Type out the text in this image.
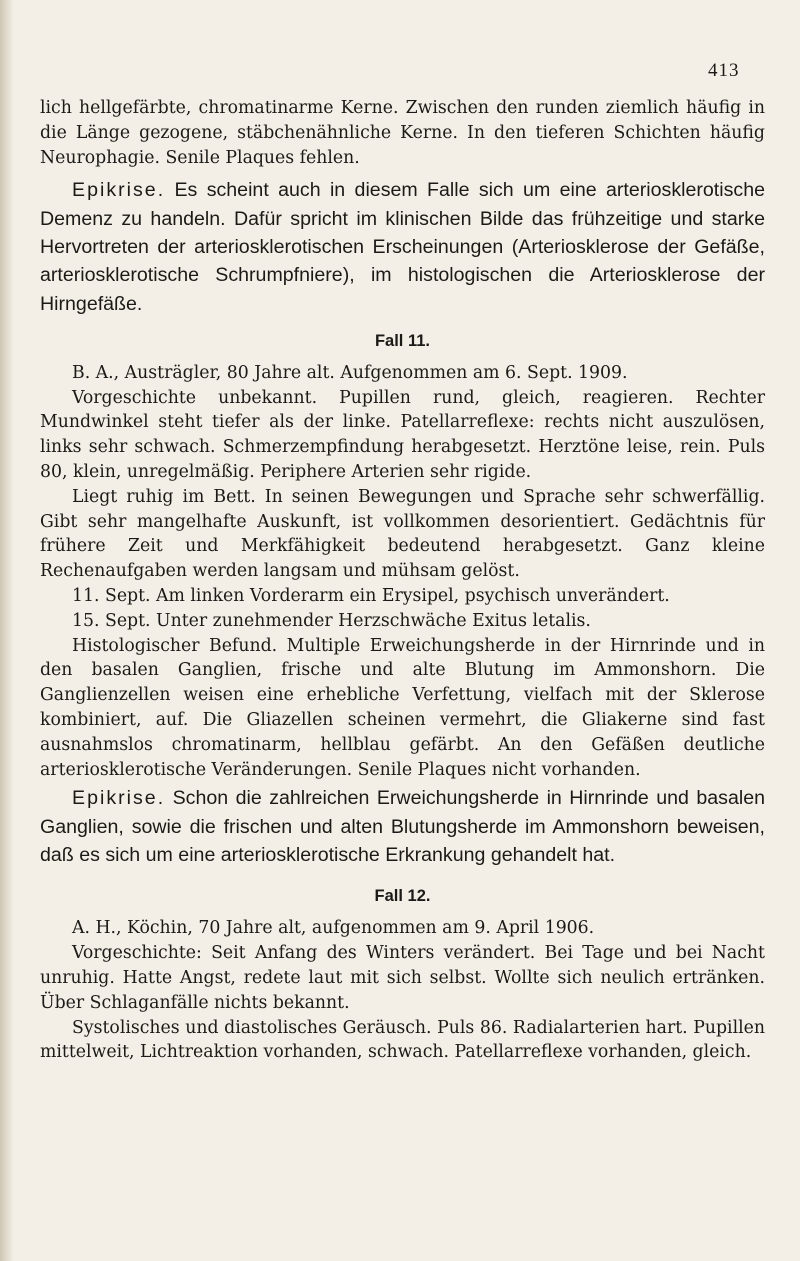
413

lich hellgefärbte, chromatinarme Kerne. Zwischen den runden ziemlich häufig in die Länge gezogene, stäbchenähnliche Kerne. In den tieferen Schichten häufig Neurophagie. Senile Plaques fehlen.

Epikrise. Es scheint auch in diesem Falle sich um eine arteriosklerotische Demenz zu handeln. Dafür spricht im klinischen Bilde das frühzeitige und starke Hervortreten der arteriosklerotischen Erscheinungen (Arteriosklerose der Gefäße, arteriosklerotische Schrumpfniere), im histologischen die Arteriosklerose der Hirngefäße.

Fall 11.

B. A., Austrägler, 80 Jahre alt. Aufgenommen am 6. Sept. 1909.

Vorgeschichte unbekannt. Pupillen rund, gleich, reagieren. Rechter Mundwinkel steht tiefer als der linke. Patellarreflexe: rechts nicht auszulösen, links sehr schwach. Schmerzempfindung herabgesetzt. Herztöne leise, rein. Puls 80, klein, unregelmäßig. Periphere Arterien sehr rigide.

Liegt ruhig im Bett. In seinen Bewegungen und Sprache sehr schwerfällig. Gibt sehr mangelhafte Auskunft, ist vollkommen desorientiert. Gedächtnis für frühere Zeit und Merkfähigkeit bedeutend herabgesetzt. Ganz kleine Rechenaufgaben werden langsam und mühsam gelöst.

11. Sept. Am linken Vorderarm ein Erysipel, psychisch unverändert.

15. Sept. Unter zunehmender Herzschwäche Exitus letalis.

Histologischer Befund. Multiple Erweichungsherde in der Hirnrinde und in den basalen Ganglien, frische und alte Blutung im Ammonshorn. Die Ganglienzellen weisen eine erhebliche Verfettung, vielfach mit der Sklerose kombiniert, auf. Die Gliazellen scheinen vermehrt, die Gliakerne sind fast ausnahmslos chromatinarm, hellblau gefärbt. An den Gefäßen deutliche arteriosklerotische Veränderungen. Senile Plaques nicht vorhanden.

Epikrise. Schon die zahlreichen Erweichungsherde in Hirnrinde und basalen Ganglien, sowie die frischen und alten Blutungsherde im Ammonshorn beweisen, daß es sich um eine arteriosklerotische Erkrankung gehandelt hat.

Fall 12.

A. H., Köchin, 70 Jahre alt, aufgenommen am 9. April 1906.

Vorgeschichte: Seit Anfang des Winters verändert. Bei Tage und bei Nacht unruhig. Hatte Angst, redete laut mit sich selbst. Wollte sich neulich ertränken. Über Schlaganfälle nichts bekannt.

Systolisches und diastolisches Geräusch. Puls 86. Radialarterien hart. Pupillen mittelweit, Lichtreaktion vorhanden, schwach. Patellarreflexe vorhanden, gleich.
